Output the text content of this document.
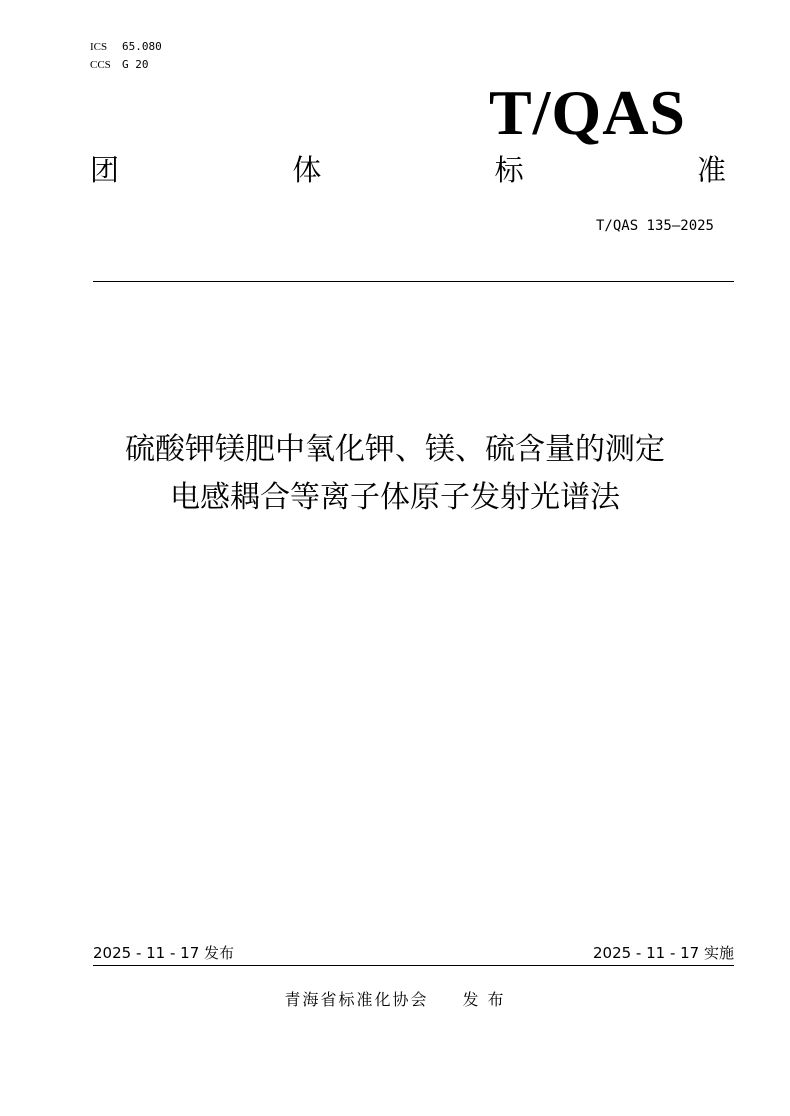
ICS 65.080
CCS G 20
T/QAS
团	体	标	准
T/QAS 135—2025
硫酸钾镁肥中氧化钾、镁、硫含量的测定
电感耦合等离子体原子发射光谱法
2025 - 11 - 17 发布	2025 - 11 - 17 实施
青海省标准化协会 发 布
